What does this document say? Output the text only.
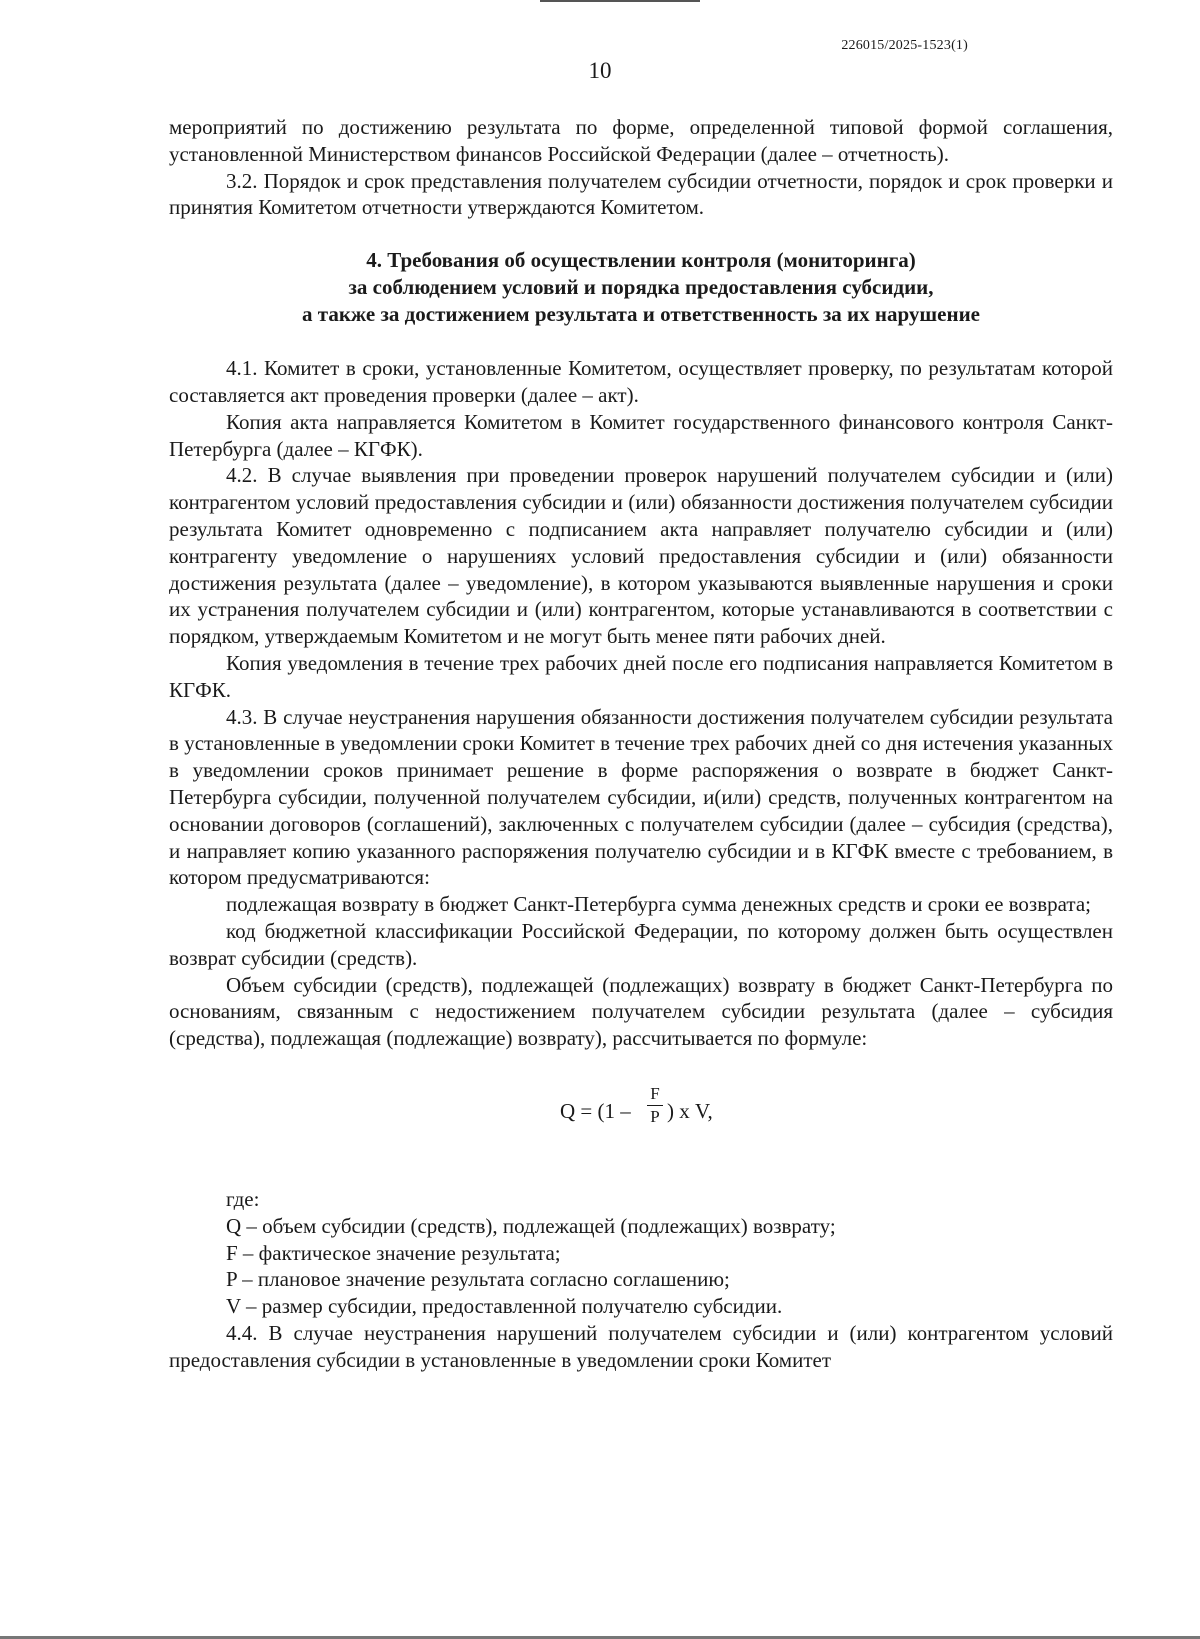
226015/2025-1523(1)
10

мероприятий по достижению результата по форме, определенной типовой формой соглашения, установленной Министерством финансов Российской Федерации (далее – отчетность).

3.2. Порядок и срок представления получателем субсидии отчетности, порядок и срок проверки и принятия Комитетом отчетности утверждаются Комитетом.

4. Требования об осуществлении контроля (мониторинга)
за соблюдением условий и порядка предоставления субсидии,
а также за достижением результата и ответственность за их нарушение

4.1. Комитет в сроки, установленные Комитетом, осуществляет проверку, по результатам которой составляется акт проведения проверки (далее – акт).

Копия акта направляется Комитетом в Комитет государственного финансового контроля Санкт-Петербурга (далее – КГФК).

4.2. В случае выявления при проведении проверок нарушений получателем субсидии и (или) контрагентом условий предоставления субсидии и (или) обязанности достижения получателем субсидии результата Комитет одновременно с подписанием акта направляет получателю субсидии и (или) контрагенту уведомление о нарушениях условий предоставления субсидии и (или) обязанности достижения результата (далее – уведомление), в котором указываются выявленные нарушения и сроки их устранения получателем субсидии и (или) контрагентом, которые устанавливаются в соответствии с порядком, утверждаемым Комитетом и не могут быть менее пяти рабочих дней.

Копия уведомления в течение трех рабочих дней после его подписания направляется Комитетом в КГФК.

4.3. В случае неустранения нарушения обязанности достижения получателем субсидии результата в установленные в уведомлении сроки Комитет в течение трех рабочих дней со дня истечения указанных в уведомлении сроков принимает решение в форме распоряжения о возврате в бюджет Санкт-Петербурга субсидии, полученной получателем субсидии, и(или) средств, полученных контрагентом на основании договоров (соглашений), заключенных с получателем субсидии (далее – субсидия (средства), и направляет копию указанного распоряжения получателю субсидии и в КГФК вместе с требованием, в котором предусматриваются:

подлежащая возврату в бюджет Санкт-Петербурга сумма денежных средств и сроки ее возврата;

код бюджетной классификации Российской Федерации, по которому должен быть осуществлен возврат субсидии (средств).

Объем субсидии (средств), подлежащей (подлежащих) возврату в бюджет Санкт-Петербурга по основаниям, связанным с недостижением получателем субсидии результата (далее – субсидия (средства), подлежащая (подлежащие) возврату), рассчитывается по формуле:

Q = (1 –
F
P ) х V,

где:

Q – объем субсидии (средств), подлежащей (подлежащих) возврату;

F – фактическое значение результата;

P – плановое значение результата согласно соглашению;

V – размер субсидии, предоставленной получателю субсидии.

4.4. В случае неустранения нарушений получателем субсидии и (или) контрагентом условий предоставления субсидии в установленные в уведомлении сроки Комитет
